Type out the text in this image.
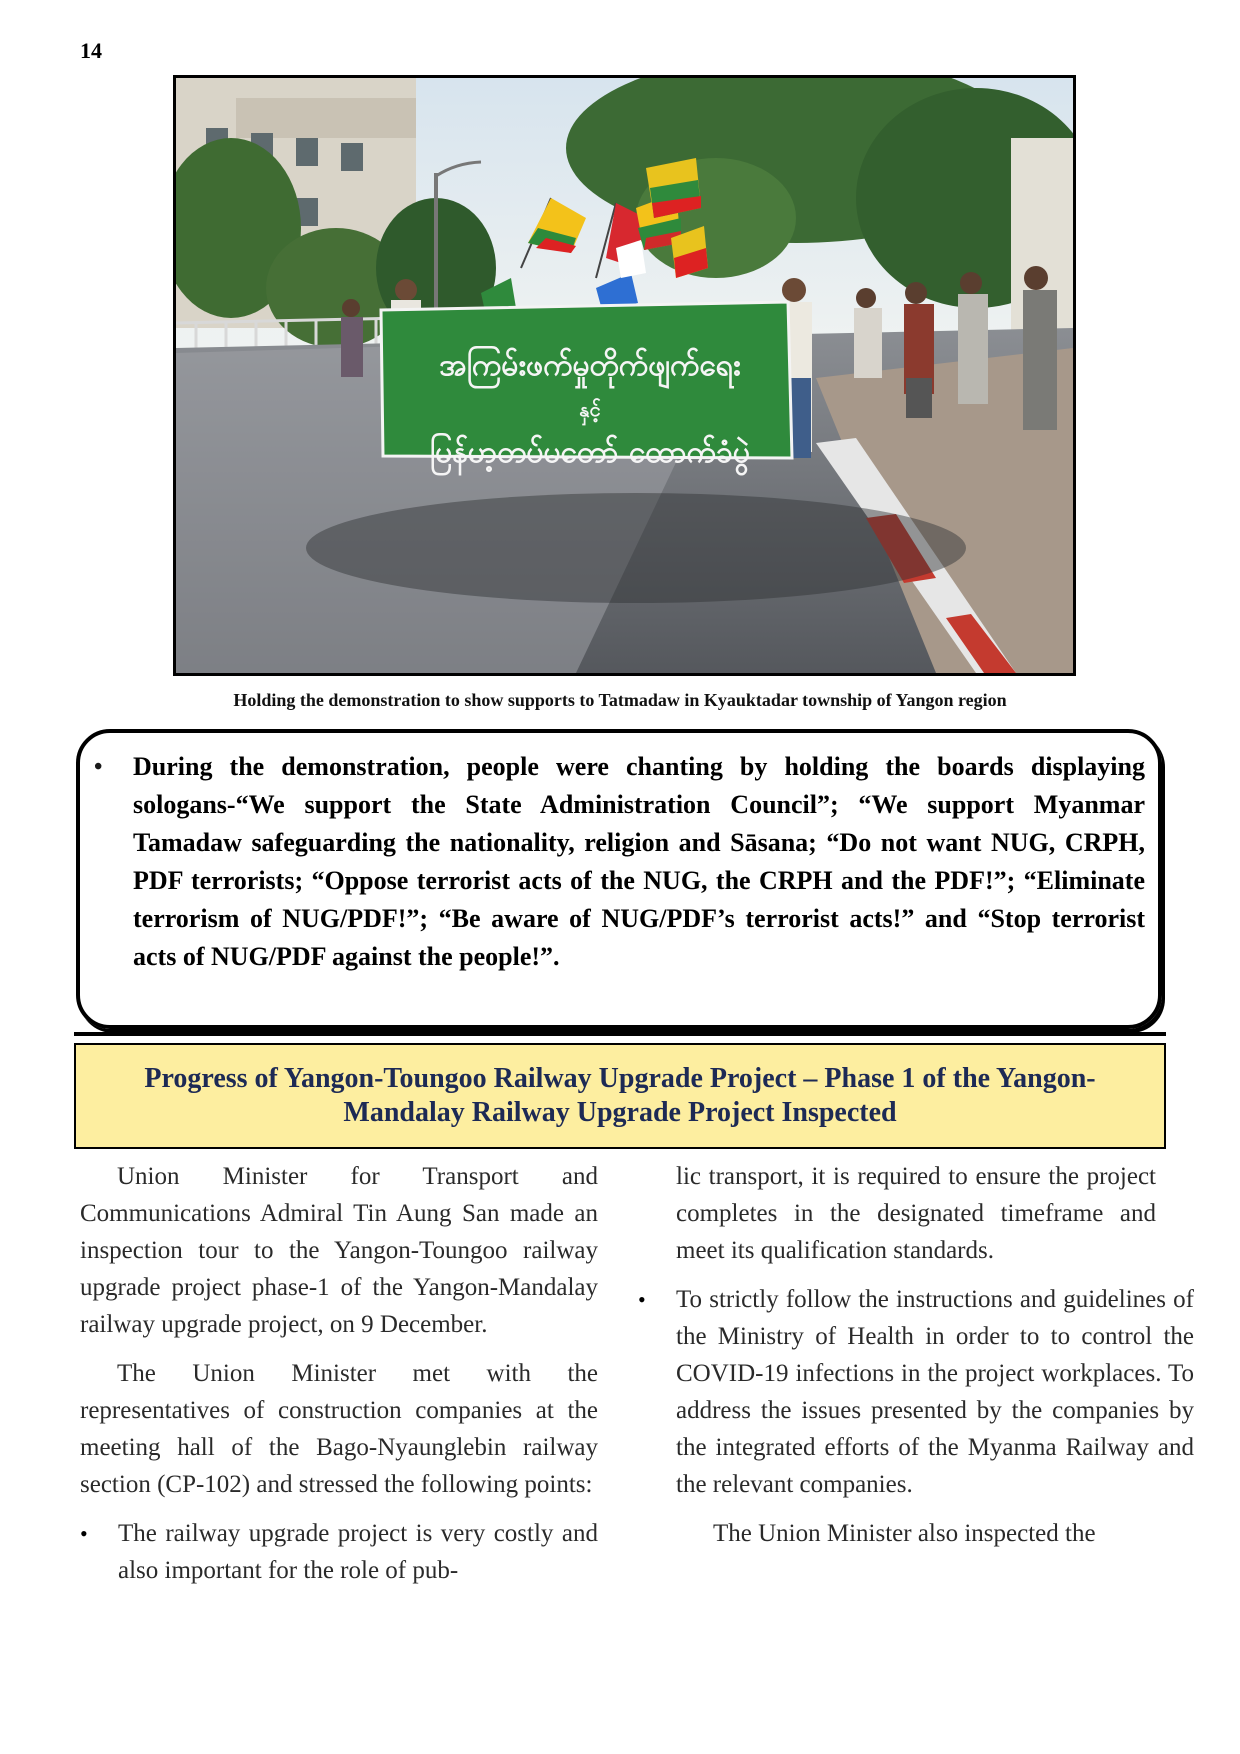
14
အကြမ်းဖက်မှုတိုက်ဖျက်ရေး
နှင့်
မြန်မာ့တပ်မတော် ထောက်ခံပွဲ
Holding the demonstration to show supports to Tatmadaw in Kyauktadar township of Yangon region
• During the demonstration, people were chanting by holding the boards displaying sologans-“We support the State Administration Council”; “We support Myanmar Tamadaw safeguarding the nationality, religion and Sāsana; “Do not want NUG, CRPH, PDF terrorists; “Oppose terrorist acts of the NUG, the CRPH and the PDF!”; “Eliminate terrorism of NUG/PDF!”; “Be aware of NUG/PDF’s terrorist acts!” and “Stop terrorist acts of NUG/PDF against the people!”.
Progress of Yangon-Toungoo Railway Upgrade Project – Phase 1 of the Yangon-Mandalay Railway Upgrade Project Inspected

Union Minister for Transport and Communications Admiral Tin Aung San made an inspection tour to the Yangon-Toungoo railway upgrade project phase-1 of the Yangon-Mandalay railway upgrade project, on 9 December.

The Union Minister met with the representatives of construction companies at the meeting hall of the Bago-Nyaunglebin railway section (CP-102) and stressed the following points:

• The railway upgrade project is very costly and also important for the role of pub-

lic transport, it is required to ensure the project completes in the designated timeframe and meet its qualification standards.

• To strictly follow the instructions and guidelines of the Ministry of Health in order to to control the COVID-19 infections in the project workplaces. To address the issues presented by the companies by the integrated efforts of the Myanma Railway and the relevant companies.

The Union Minister also inspected the
